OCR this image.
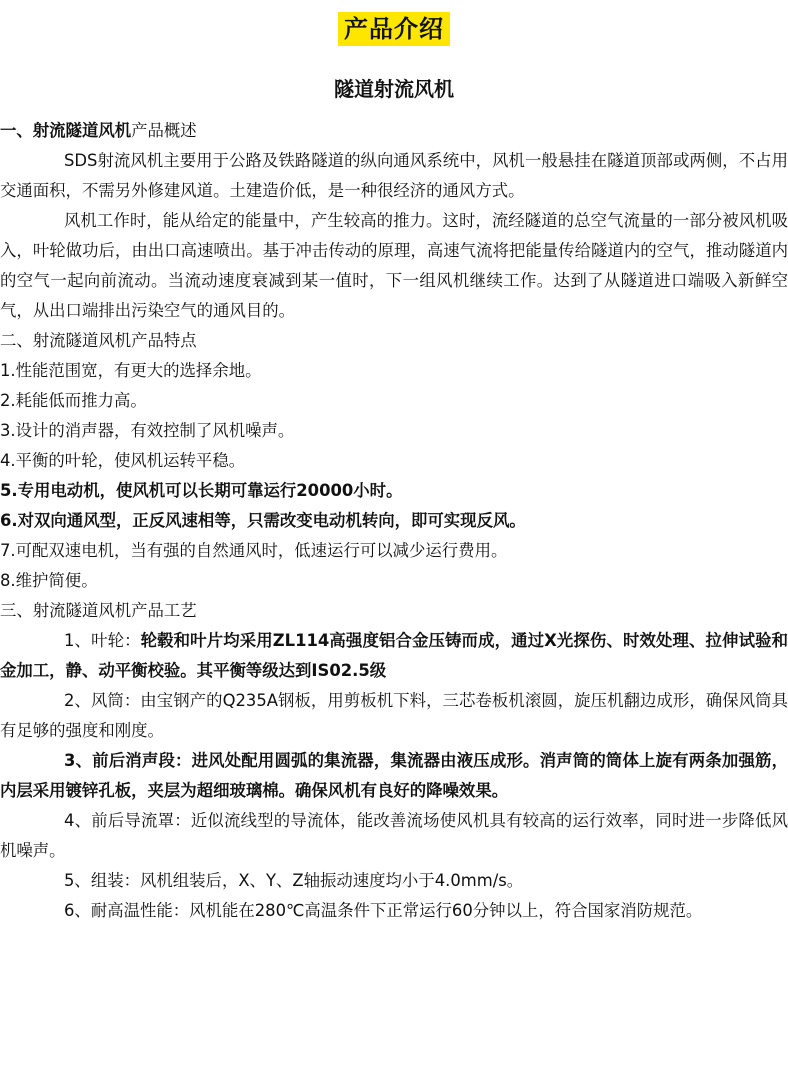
产品介绍
隧道射流风机

一、射流隧道风机产品概述

SDS射流风机主要用于公路及铁路隧道的纵向通风系统中，风机一般悬挂在隧道顶部或两侧，不占用交通面积，不需另外修建风道。土建造价低，是一种很经济的通风方式。

风机工作时，能从给定的能量中，产生较高的推力。这时，流经隧道的总空气流量的一部分被风机吸入，叶轮做功后，由出口高速喷出。基于冲击传动的原理，高速气流将把能量传给隧道内的空气，推动隧道内的空气一起向前流动。当流动速度衰减到某一值时，下一组风机继续工作。达到了从隧道进口端吸入新鲜空气，从出口端排出污染空气的通风目的。

二、射流隧道风机产品特点

1.性能范围宽，有更大的选择余地。

2.耗能低而推力高。

3.设计的消声器，有效控制了风机噪声。

4.平衡的叶轮，使风机运转平稳。

5.专用电动机，使风机可以长期可靠运行20000小时。

6.对双向通风型，正反风速相等，只需改变电动机转向，即可实现反风。

7.可配双速电机，当有强的自然通风时，低速运行可以减少运行费用。

8.维护简便。

三、射流隧道风机产品工艺

1、叶轮：轮毂和叶片均采用ZL114高强度铝合金压铸而成，通过X光探伤、时效处理、拉伸试验和金加工，静、动平衡校验。其平衡等级达到IS02.5级

2、风筒：由宝钢产的Q235A钢板，用剪板机下料，三芯卷板机滚圆，旋压机翻边成形，确保风筒具有足够的强度和刚度。

3、前后消声段：进风处配用圆弧的集流器，集流器由液压成形。消声筒的筒体上旋有两条加强筋，内层采用镀锌孔板，夹层为超细玻璃棉。确保风机有良好的降噪效果。

4、前后导流罩：近似流线型的导流体，能改善流场使风机具有较高的运行效率，同时进一步降低风机噪声。

5、组装：风机组装后，X、Y、Z轴振动速度均小于4.0mm/s。

6、耐高温性能：风机能在280℃高温条件下正常运行60分钟以上，符合国家消防规范。
